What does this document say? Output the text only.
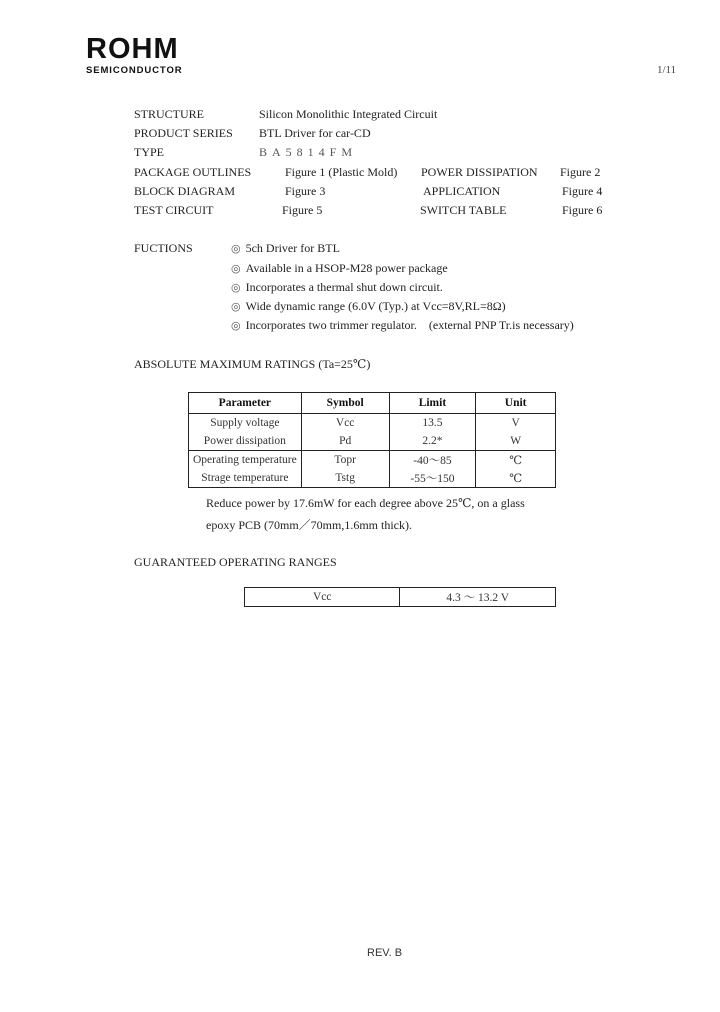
ROHM
SEMICONDUCTOR	1/11
STRUCTURE	Silicon Monolithic Integrated Circuit
PRODUCT SERIES BTL Driver for car-CD
TYPE	BA5814FM
PACKAGE OUTLINES	Figure 1 (Plastic Mold) POWER DISSIPATION Figure 2
BLOCK DIAGRAM	Figure 3	APPLICATION	Figure 4
TEST CIRCUIT	Figure 5	SWITCH TABLE	Figure 6
FUCTIONS	◎ 5ch Driver for BTL
◎ Available in a HSOP-M28 power package
◎ Incorporates a thermal shut down circuit.
◎ Wide dynamic range (6.0V (Typ.) at Vcc=8V,RL=8Ω)
◎ Incorporates two trimmer regulator.    (external PNP Tr.is necessary)
ABSOLUTE MAXIMUM RATINGS (Ta=25℃)
Parameter	Symbol	Limit	Unit
Supply voltage	Vcc	13.5	V
Power dissipation	Pd	2.2*	W
Operating temperature	Topr	-40～85	℃
Strage temperature	Tstg	-55～150	℃
Reduce power by 17.6mW for each degree above 25℃, on a glass
epoxy PCB (70mm／70mm,1.6mm thick).
GUARANTEED OPERATING RANGES
Vcc	4.3 ～ 13.2 V
REV. B
